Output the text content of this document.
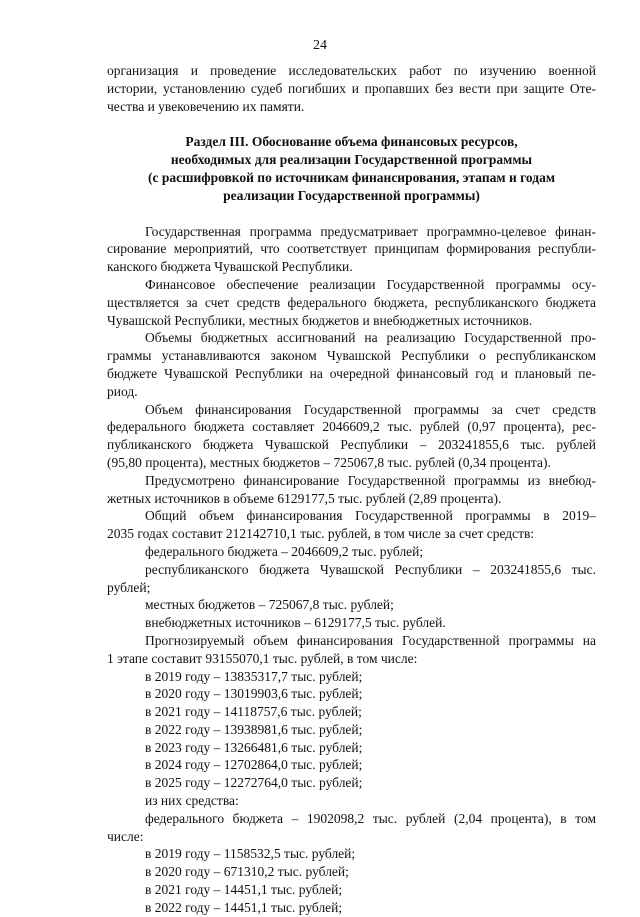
24
организация и проведение исследовательских работ по изучению военной
истории, установлению судеб погибших и пропавших без вести при защите Оте-
чества и увековечению их памяти.
Раздел III. Обоснование объема финансовых ресурсов,
необходимых для реализации Государственной программы
(с расшифровкой по источникам финансирования, этапам и годам
реализации Государственной программы)
Государственная программа предусматривает программно-целевое финан-
сирование мероприятий, что соответствует принципам формирования республи-
канского бюджета Чувашской Республики.
Финансовое обеспечение реализации Государственной программы осу-
ществляется за счет средств федерального бюджета, республиканского бюджета
Чувашской Республики, местных бюджетов и внебюджетных источников.
Объемы бюджетных ассигнований на реализацию Государственной про-
граммы устанавливаются законом Чувашской Республики о республиканском
бюджете Чувашской Республики на очередной финансовый год и плановый пе-
риод.
Объем финансирования Государственной программы за счет средств
федерального бюджета составляет 2046609,2 тыс. рублей (0,97 процента), рес-
публиканского бюджета Чувашской Республики – 203241855,6 тыс. рублей
(95,80 процента), местных бюджетов – 725067,8 тыс. рублей (0,34 процента).
Предусмотрено финансирование Государственной программы из внебюд-
жетных источников в объеме 6129177,5 тыс. рублей (2,89 процента).
Общий объем финансирования Государственной программы в 2019–
2035 годах составит 212142710,1 тыс. рублей, в том числе за счет средств:
федерального бюджета – 2046609,2 тыс. рублей;
республиканского бюджета Чувашской Республики – 203241855,6 тыс.
рублей;
местных бюджетов – 725067,8 тыс. рублей;
внебюджетных источников – 6129177,5 тыс. рублей.
Прогнозируемый объем финансирования Государственной программы на
1 этапе составит 93155070,1 тыс. рублей, в том числе:
в 2019 году – 13835317,7 тыс. рублей;
в 2020 году – 13019903,6 тыс. рублей;
в 2021 году – 14118757,6 тыс. рублей;
в 2022 году – 13938981,6 тыс. рублей;
в 2023 году – 13266481,6 тыс. рублей;
в 2024 году – 12702864,0 тыс. рублей;
в 2025 году – 12272764,0 тыс. рублей;
из них средства:
федерального бюджета – 1902098,2 тыс. рублей (2,04 процента), в том
числе:
в 2019 году – 1158532,5 тыс. рублей;
в 2020 году – 671310,2 тыс. рублей;
в 2021 году – 14451,1 тыс. рублей;
в 2022 году – 14451,1 тыс. рублей;
